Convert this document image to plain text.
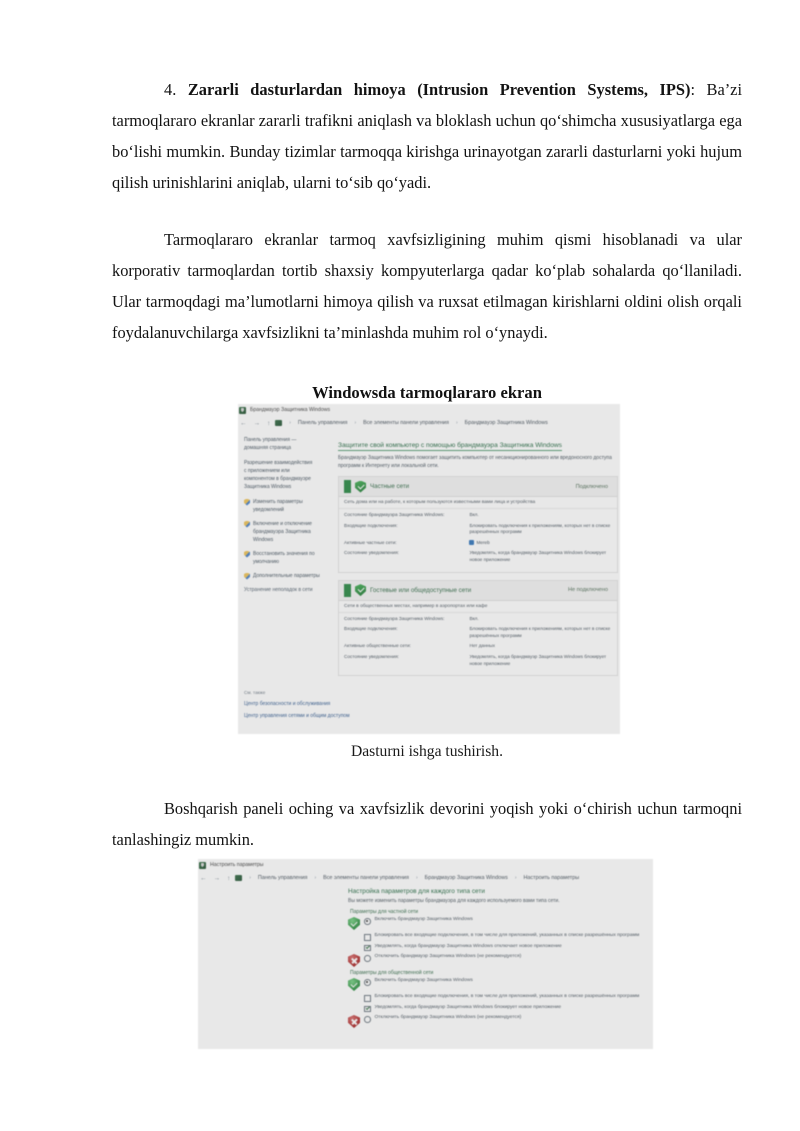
4. Zararli dasturlardan himoya (Intrusion Prevention Systems, IPS): Ba’zi tarmoqlararo ekranlar zararli trafikni aniqlash va bloklash uchun qo‘shimcha xususiyatlarga ega bo‘lishi mumkin. Bunday tizimlar tarmoqqa kirishga urinayotgan zararli dasturlarni yoki hujum qilish urinishlarini aniqlab, ularni to‘sib qo‘yadi.
Tarmoqlararo ekranlar tarmoq xavfsizligining muhim qismi hisoblanadi va ular korporativ tarmoqlardan tortib shaxsiy kompyuterlarga qadar ko‘plab sohalarda qo‘llaniladi. Ular tarmoqdagi ma’lumotlarni himoya qilish va ruxsat etilmagan kirishlarni oldini olish orqali foydalanuvchilarga xavfsizlikni ta’minlashda muhim rol o‘ynaydi.
Windowsda tarmoqlararo ekran
Брандмауэр Защитника Windows
← → ↑	› Панель управления › Все элементы панели управления › Брандмауэр Защитника Windows
Панель управления —
домашняя страница
Разрешение взаимодействия
с приложением или
компонентом в брандмауэре
Защитника Windows
Изменить параметры уведомлений
Включение и отключение брандмауэра Защитника Windows
Восстановить значения по умолчанию
Дополнительные параметры
Устранение неполадок в сети
Защитите свой компьютер с помощью брандмауэра Защитника Windows
Брандмауэр Защитника Windows помогает защитить компьютер от несанкционированного или вредоносного доступа программ к Интернету или локальной сети.
Частные сети	Подключено
Сеть дома или на работе, к которым пользуются известными вами лица и устройства
Состояние брандмауэра Защитника Windows:	Вкл.
Входящие подключения:	Блокировать подключения к приложениям, которых нет в списке разрешённых программ
Активные частные сети:	Mereb
Состояние уведомления:	Уведомлять, когда брандмауэр Защитника Windows блокирует новое приложение
Гостевые или общедоступные сети	Не подключено
Сети в общественных местах, например в аэропортах или кафе
Состояние брандмауэра Защитника Windows:	Вкл.
Входящие подключения:	Блокировать подключения к приложениям, которых нет в списке разрешённых программ
Активные общественные сети:	Нет данных
Состояние уведомления:	Уведомлять, когда брандмауэр Защитника Windows блокирует новое приложение
См. также
Центр безопасности и обслуживания
Центр управления сетями и общим доступом
Dasturni ishga tushirish.
Boshqarish paneli oching va xavfsizlik devorini yoqish yoki o‘chirish uchun tarmoqni tanlashingiz mumkin.
Настроить параметры
← → ↑	› Панель управления › Все элементы панели управления › Брандмауэр Защитника Windows › Настроить параметры
Настройка параметров для каждого типа сети
Вы можете изменить параметры брандмауэра для каждого используемого вами типа сети.
Параметры для частной сети
Включить брандмауэр Защитника Windows
Блокировать все входящие подключения, в том числе для приложений, указанных в списке разрешённых программ
Уведомлять, когда брандмауэр Защитника Windows отключает новое приложение
Отключить брандмауэр Защитника Windows (не рекомендуется)
Параметры для общественной сети
Включить брандмауэр Защитника Windows
Блокировать все входящие подключения, в том числе для приложений, указанных в списке разрешённых программ
Уведомлять, когда брандмауэр Защитника Windows блокирует новое приложение
Отключить брандмауэр Защитника Windows (не рекомендуется)
